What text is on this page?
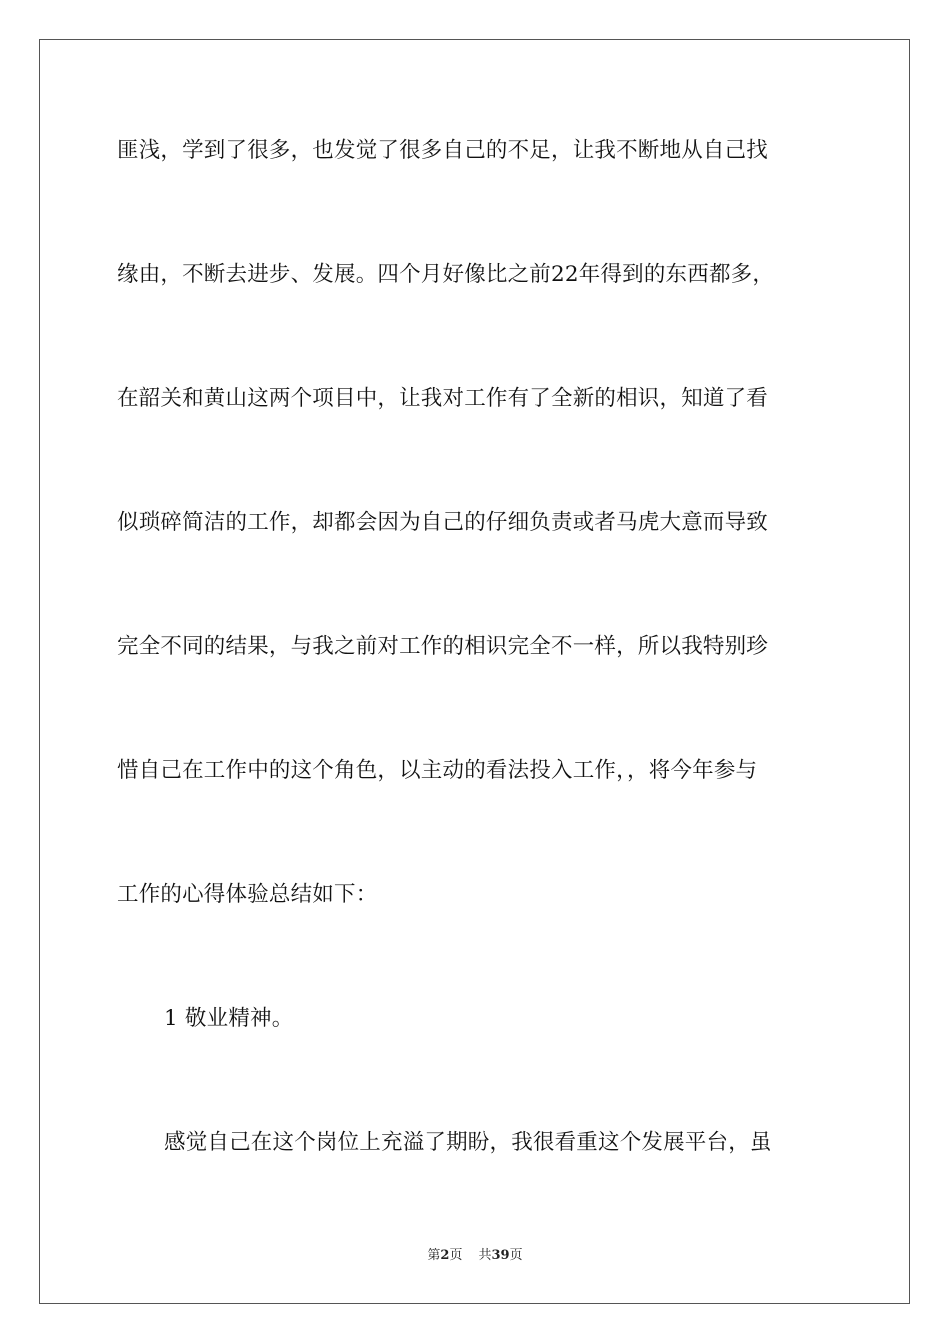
匪浅，学到了很多，也发觉了很多自己的不足，让我不断地从自己找
缘由，不断去进步、发展。四个月好像比之前22年得到的东西都多，
在韶关和黄山这两个项目中，让我对工作有了全新的相识，知道了看
似琐碎简洁的工作，却都会因为自己的仔细负责或者马虎大意而导致
完全不同的结果，与我之前对工作的相识完全不一样，所以我特别珍
惜自己在工作中的这个角色，以主动的看法投入工作，，将今年参与
工作的心得体验总结如下：
1 敬业精神。
感觉自己在这个岗位上充溢了期盼，我很看重这个发展平台，虽
第2页 共39页
